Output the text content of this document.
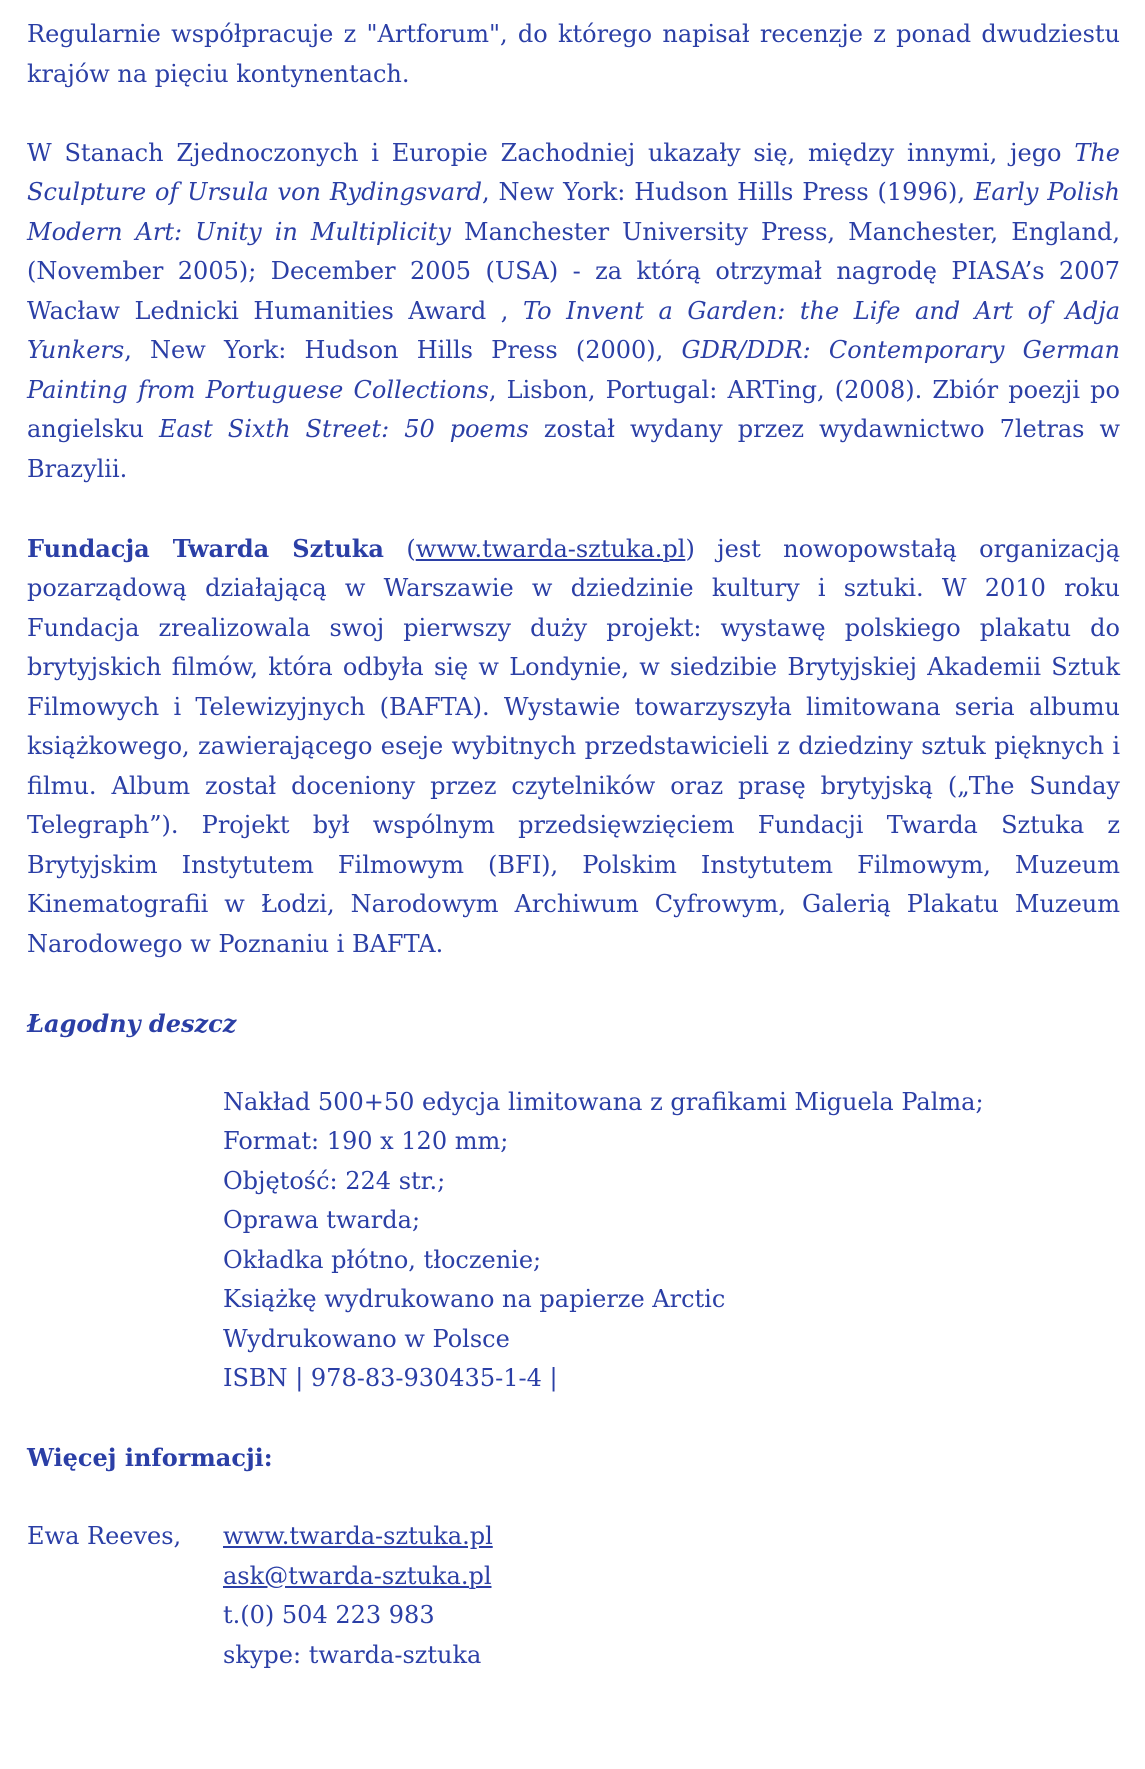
Regularnie współpracuje z "Artforum", do którego napisał recenzje z ponad dwudziestu krajów na pięciu kontynentach.

W Stanach Zjednoczonych i Europie Zachodniej ukazały się, między innymi, jego The Sculpture of Ursula von Rydingsvard, New York: Hudson Hills Press (1996), Early Polish Modern Art: Unity in Multiplicity Manchester University Press, Manchester, England, (November 2005); December 2005 (USA) - za którą otrzymał nagrodę PIASA’s 2007 Wacław Lednicki Humanities Award , To Invent a Garden: the Life and Art of Adja Yunkers, New York: Hudson Hills Press (2000), GDR/DDR: Contemporary German Painting from Portuguese Collections, Lisbon, Portugal: ARTing, (2008). Zbiór poezji po angielsku East Sixth Street: 50 poems został wydany przez wydawnictwo 7letras w Brazylii.

Fundacja Twarda Sztuka (www.twarda-sztuka.pl) jest nowopowstałą organizacją pozarządową działającą w Warszawie w dziedzinie kultury i sztuki. W 2010 roku Fundacja zrealizowala swoj pierwszy duży projekt: wystawę polskiego plakatu do brytyjskich filmów, która odbyła się w Londynie, w siedzibie Brytyjskiej Akademii Sztuk Filmowych i Telewizyjnych (BAFTA). Wystawie towarzyszyła limitowana seria albumu książkowego, zawierającego eseje wybitnych przedstawicieli z dziedziny sztuk pięknych i filmu. Album został doceniony przez czytelników oraz prasę brytyjską („The Sunday Telegraph”). Projekt był wspólnym przedsięwzięciem Fundacji Twarda Sztuka z Brytyjskim Instytutem Filmowym (BFI), Polskim Instytutem Filmowym, Muzeum Kinematografii w Łodzi, Narodowym Archiwum Cyfrowym, Galerią Plakatu Muzeum Narodowego w Poznaniu i BAFTA.

Łagodny deszcz

Nakład 500+50 edycja limitowana z grafikami Miguela Palma;
Format: 190 x 120 mm;
Objętość: 224 str.;
Oprawa twarda;
Okładka płótno, tłoczenie;
Książkę wydrukowano na papierze Arctic
Wydrukowano w Polsce
ISBN | 978-83-930435-1-4 |

Więcej informacji:

Ewa Reeves,	www.twarda-sztuka.pl
ask@twarda-sztuka.pl
t.(0) 504 223 983
skype: twarda-sztuka
